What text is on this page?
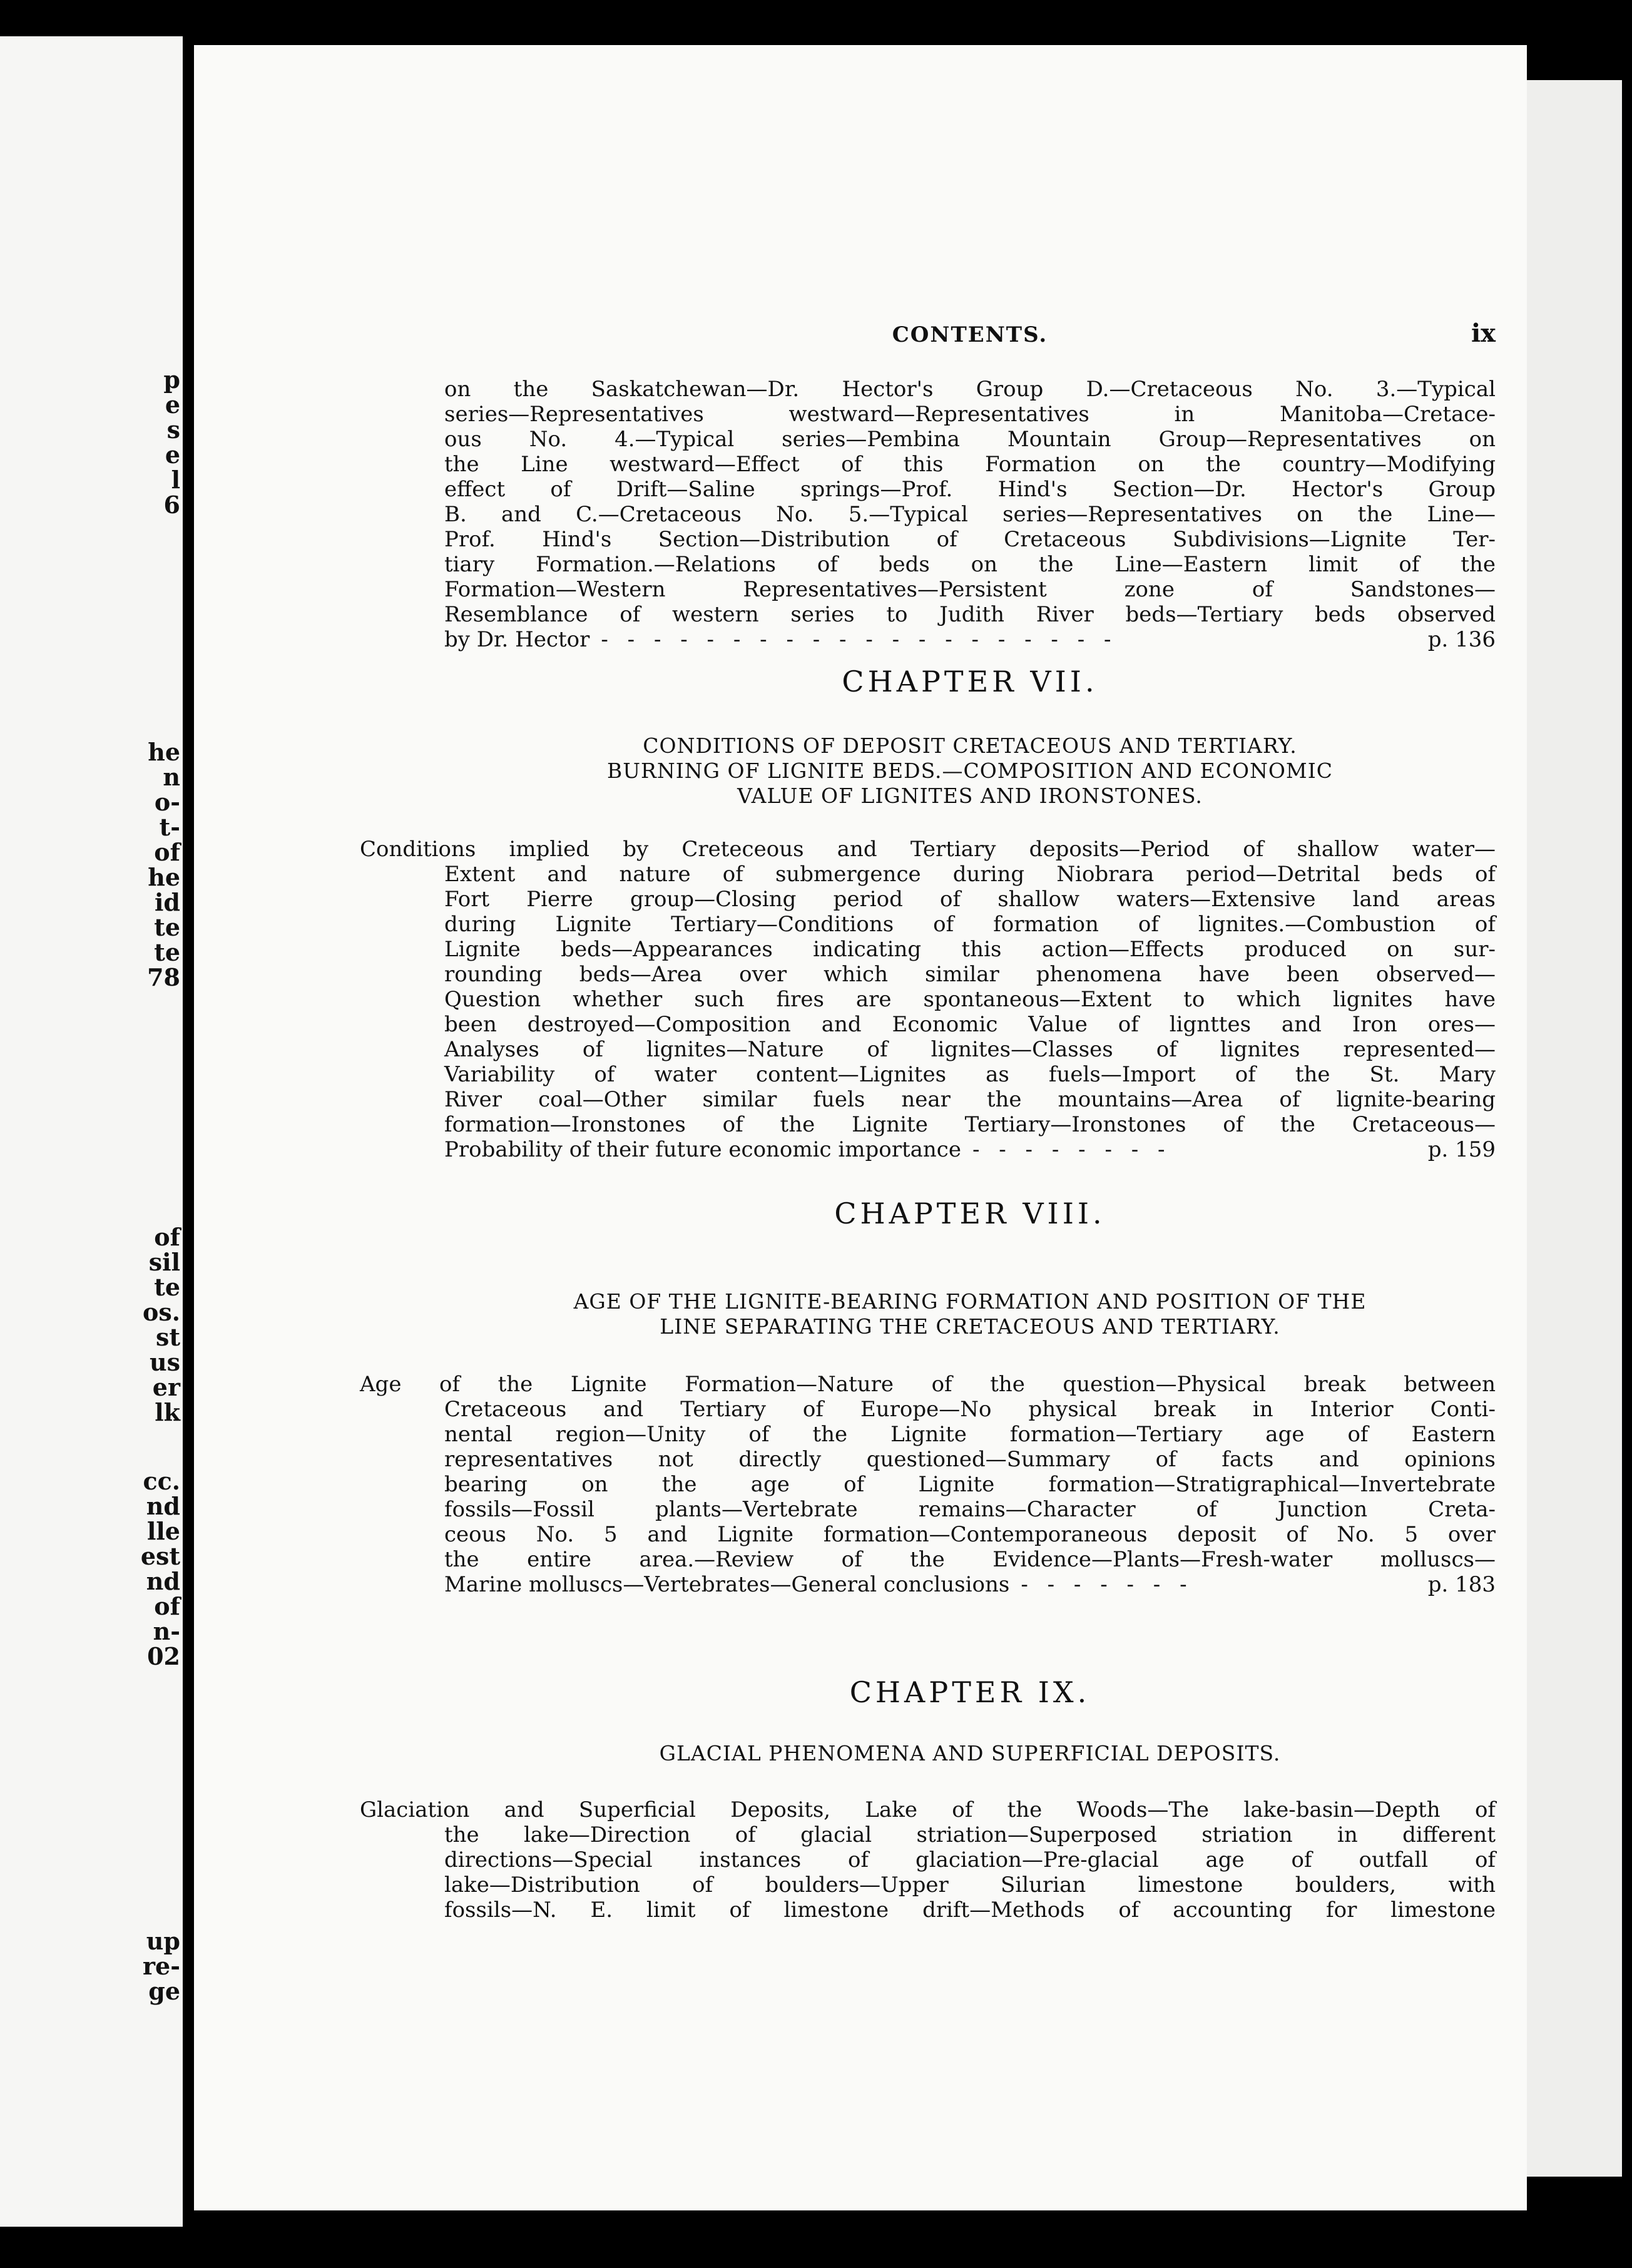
p
e
s
e
l
6
he
n
o-
t-
of
he
id
te
te
78
of
sil
te
os.
st
us
er
lk
cc.
nd
lle
est
nd
of
n-
02
up
re-
ge
CONTENTS.	ix
on the Saskatchewan—Dr. Hector's Group D.—Cretaceous No. 3.—Typical
series—Representatives westward—Representatives in Manitoba—Cretace-
ous No. 4.—Typical series—Pembina Mountain Group—Representatives on
the Line westward—Effect of this Formation on the country—Modifying
effect of Drift—Saline springs—Prof. Hind's Section—Dr. Hector's Group
B. and C.—Cretaceous No. 5.—Typical series—Representatives on the Line—
Prof. Hind's Section—Distribution of Cretaceous Subdivisions—Lignite Ter-
tiary Formation.—Relations of beds on the Line—Eastern limit of the
Formation—Western Representatives—Persistent zone of Sandstones—
Resemblance of western series to Judith River beds—Tertiary beds observed
by Dr. Hector - - - - - - - - - - - - - - - - - - - -	p. 136
CHAPTER VII.
CONDITIONS OF DEPOSIT CRETACEOUS AND TERTIARY.
BURNING OF LIGNITE BEDS.—COMPOSITION AND ECONOMIC
VALUE OF LIGNITES AND IRONSTONES.
Conditions implied by Creteceous and Tertiary deposits—Period of shallow water—
Extent and nature of submergence during Niobrara period—Detrital beds of
Fort Pierre group—Closing period of shallow waters—Extensive land areas
during Lignite Tertiary—Conditions of formation of lignites.—Combustion of
Lignite beds—Appearances indicating this action—Effects produced on sur-
rounding beds—Area over which similar phenomena have been observed—
Question whether such fires are spontaneous—Extent to which lignites have
been destroyed—Composition and Economic Value of lignttes and Iron ores—
Analyses of lignites—Nature of lignites—Classes of lignites represented—
Variability of water content—Lignites as fuels—Import of the St. Mary
River coal—Other similar fuels near the mountains—Area of lignite-bearing
formation—Ironstones of the Lignite Tertiary—Ironstones of the Cretaceous—
Probability of their future economic importance - - - - - - - -	p. 159
CHAPTER VIII.
AGE OF THE LIGNITE-BEARING FORMATION AND POSITION OF THE
LINE SEPARATING THE CRETACEOUS AND TERTIARY.
Age of the Lignite Formation—Nature of the question—Physical break between
Cretaceous and Tertiary of Europe—No physical break in Interior Conti-
nental region—Unity of the Lignite formation—Tertiary age of Eastern
representatives not directly questioned—Summary of facts and opinions
bearing on the age of Lignite formation—Stratigraphical—Invertebrate
fossils—Fossil plants—Vertebrate remains—Character of Junction Creta-
ceous No. 5 and Lignite formation—Contemporaneous deposit of No. 5 over
the entire area.—Review of the Evidence—Plants—Fresh-water molluscs—
Marine molluscs—Vertebrates—General conclusions - - - - - - -	p. 183
CHAPTER IX.
GLACIAL PHENOMENA AND SUPERFICIAL DEPOSITS.
Glaciation and Superficial Deposits, Lake of the Woods—The lake-basin—Depth of
the lake—Direction of glacial striation—Superposed striation in different
directions—Special instances of glaciation—Pre-glacial age of outfall of
lake—Distribution of boulders—Upper Silurian limestone boulders, with
fossils—N. E. limit of limestone drift—Methods of accounting for limestone
